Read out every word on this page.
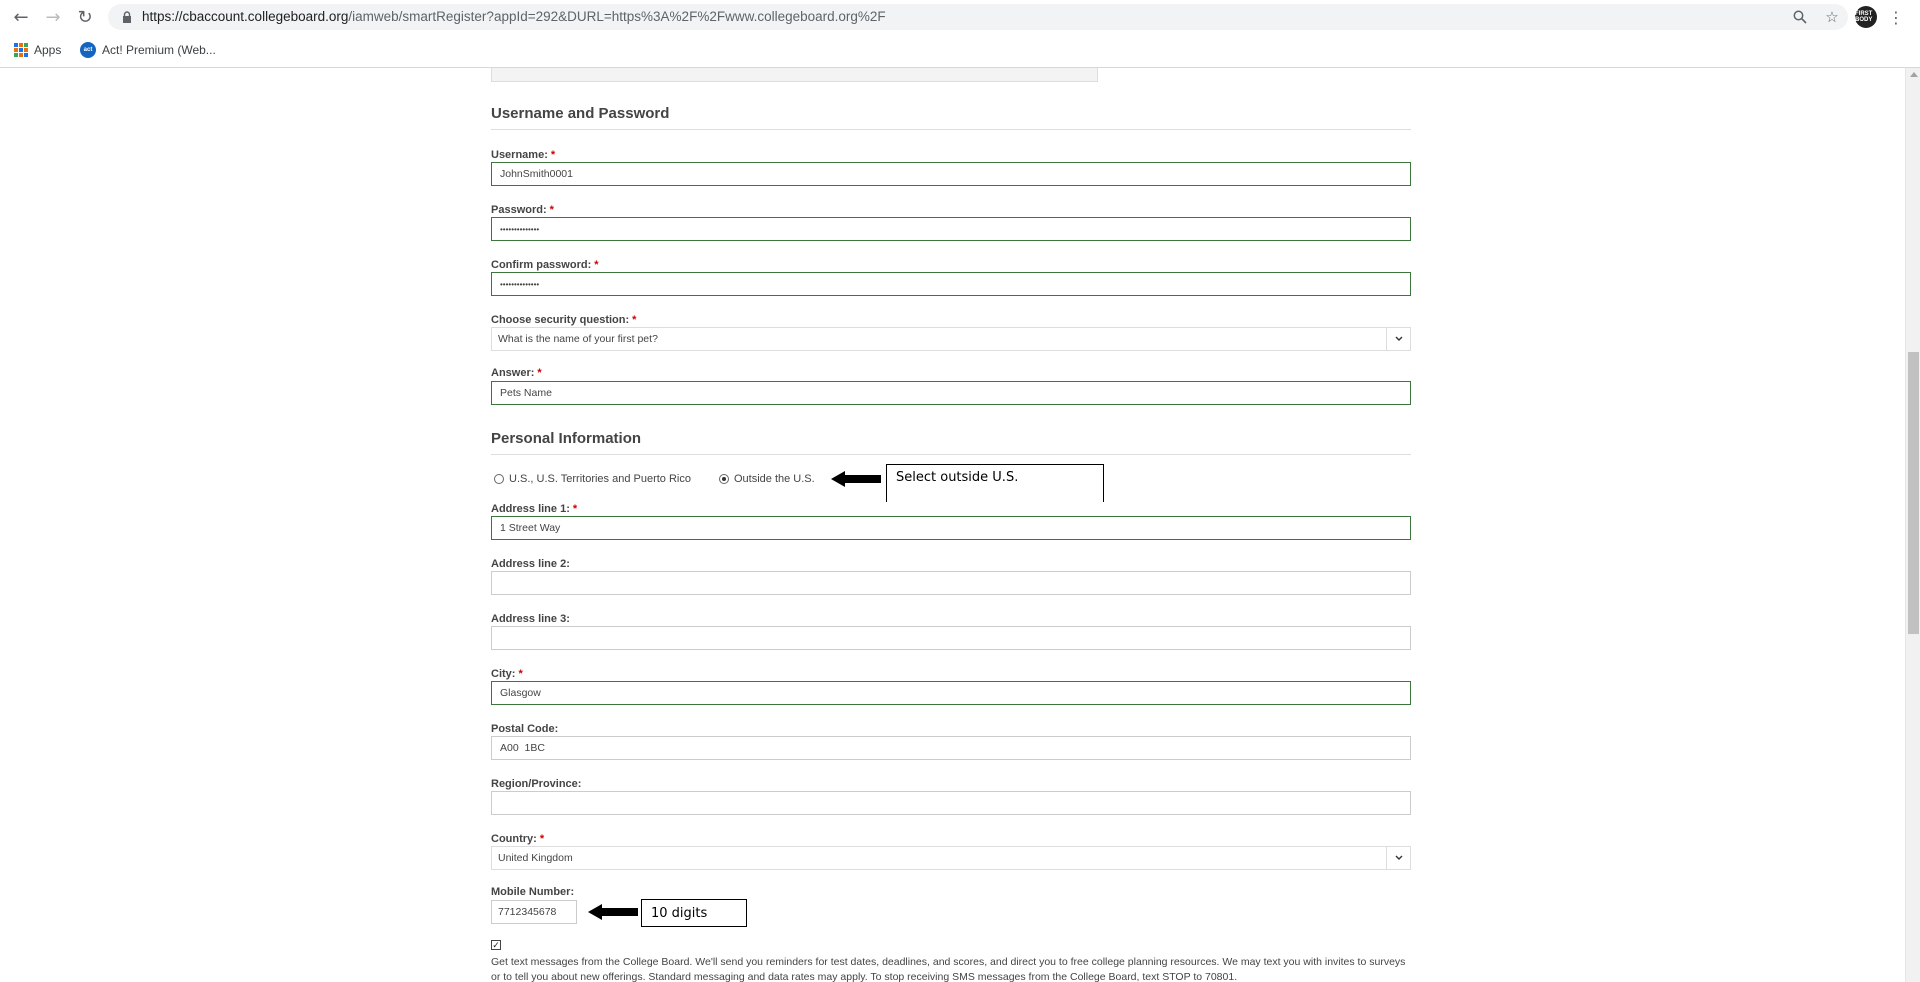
← → ↻	https://cbaccount.collegeboard.org/iamweb/smartRegister?appId=292&DURL=https%3A%2F%2Fwww.collegeboard.org%2F	☆	FIRST BODY ⋮
Apps	act Act! Premium (Web...
Username and Password
Username: *
JohnSmith0001
Password: *
••••••••••••••
Confirm password: *
••••••••••••••
Choose security question: *
What is the name of your first pet?
Answer: *
Pets Name
Personal Information
U.S., U.S. Territories and Puerto Rico	Outside the U.S.
Address line 1: *
1 Street Way
Address line 2:
Address line 3:
City: *
Glasgow
Postal Code:
A00  1BC
Region/Province:
Country: *
United Kingdom
Mobile Number:
7712345678
✓
Get text messages from the College Board. We'll send you reminders for test dates, deadlines, and scores, and direct you to free college planning resources. We may text you with invites to surveys or to tell you about new offerings. Standard messaging and data rates may apply. To stop receiving SMS messages from the College Board, text STOP to 70801.
Select outside U.S.
10 digits
